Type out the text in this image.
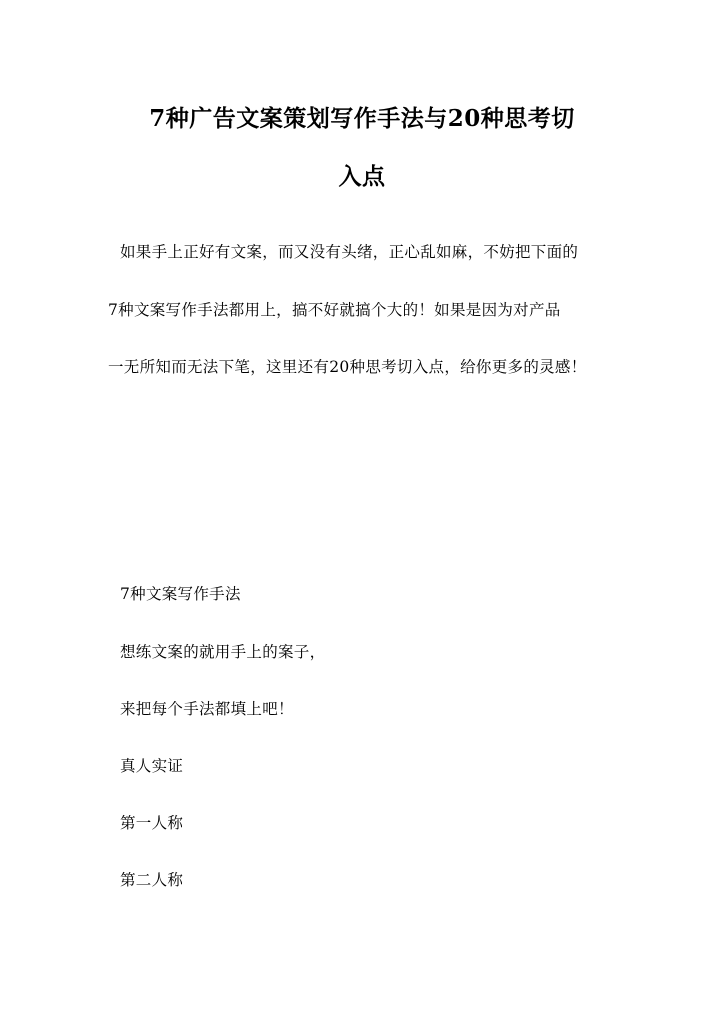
7种广告文案策划写作手法与20种思考切
入点
如果手上正好有文案，而又没有头绪，正心乱如麻，不妨把下面的
7种文案写作手法都用上，搞不好就搞个大的！如果是因为对产品
一无所知而无法下笔，这里还有20种思考切入点，给你更多的灵感！
7种文案写作手法
想练文案的就用手上的案子，
来把每个手法都填上吧！
真人实证
第一人称
第二人称
